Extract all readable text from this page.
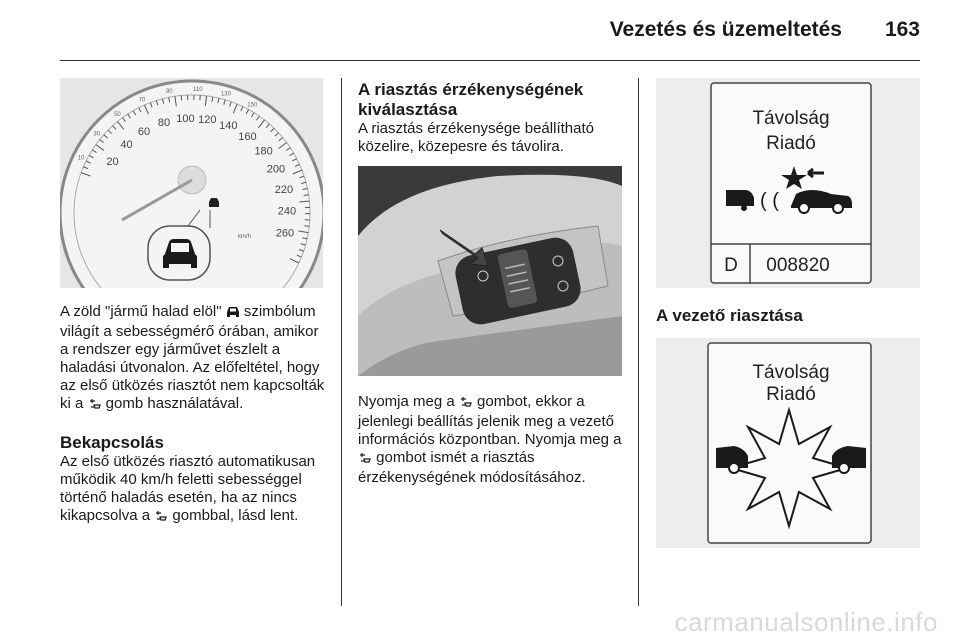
Vezetés és üzemeltetés 163
20
40
60
80 100 120 140
160
180
200
220
240
260
10
30
50
70
90	110
130
150
km/h

A zöld "jármű halad elöl"  szimbólum világít a sebességmérő órában, amikor a rendszer egy járművet észlelt a haladási útvonalon. Az előfeltétel, hogy az első ütközés riasztót nem kapcsolták ki a  gomb használatával.

Bekapcsolás

Az első ütközés riasztó automatikusan működik 40 km/h feletti sebességgel történő haladás esetén, ha az nincs kikapcsolva a  gombbal, lásd lent.

A riasztás érzékenységének kiválasztása

A riasztás érzékenysége beállítható közelire, közepesre és távolira.

Nyomja meg a  gombot, ekkor a jelenlegi beállítás jelenik meg a vezető információs központban. Nyomja meg a  gombot ismét a riasztás érzékenységének módosításához.

Távolság
Riadó
( (
D 008820
A vezető riasztása
Távolság
Riadó
carmanualsonline.info
